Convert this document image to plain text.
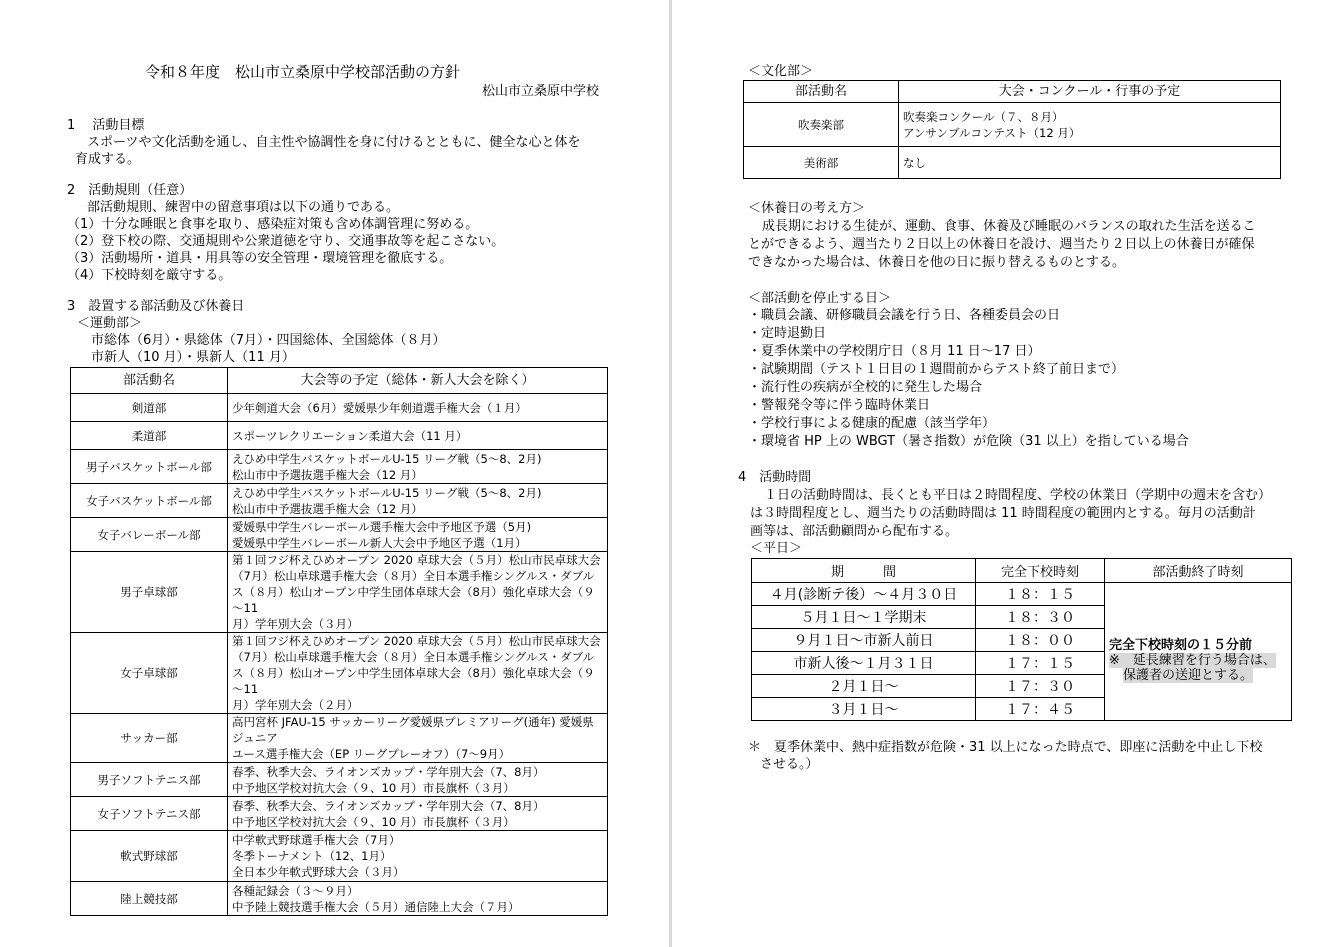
令和８年度　松山市立桑原中学校部活動の方針
松山市立桑原中学校
1　 活動目標
スポーツや文化活動を通し、自主性や協調性を身に付けるとともに、健全な心と体を
育成する。
2　活動規則（任意）
部活動規則、練習中の留意事項は以下の通りである。
（1）十分な睡眠と食事を取り、感染症対策も含め体調管理に努める。
（2）登下校の際、交通規則や公衆道徳を守り、交通事故等を起こさない。
（3）活動場所・道具・用具等の安全管理・環境管理を徹底する。
（4）下校時刻を厳守する。
3　設置する部活動及び休養日
＜運動部＞
市総体（6月）・県総体（7月）・四国総体、全国総体（８月）
市新人（10 月）・県新人（11 月）
部活動名	大会等の予定（総体・新人大会を除く）
剣道部	少年剣道大会（6月）愛媛県少年剣道選手権大会（１月）

柔道部	スポーツレクリエーション柔道大会（11 月）

男子バスケットボール部	えひめ中学生バスケットボールU-15 リーグ戦（5～8、2月)
松山市中予選抜選手権大会（12 月）

女子バスケットボール部	えひめ中学生バスケットボールU-15 リーグ戦（5～8、2月)
松山市中予選抜選手権大会（12 月）

女子バレーボール部	愛媛県中学生バレーボール選手権大会中予地区予選（5月)
愛媛県中学生バレーボール新人大会中予地区予選（1月）

男子卓球部	第１回フジ杯えひめオープン 2020 卓球大会（５月）松山市民卓球大会
（7月）松山卓球選手権大会（８月）全日本選手権シングルス・ダブル
ス（８月）松山オープン中学生団体卓球大会（8月）強化卓球大会（９～11
月）学年別大会（３月）

女子卓球部	第１回フジ杯えひめオープン 2020 卓球大会（５月）松山市民卓球大会
（7月）松山卓球選手権大会（８月）全日本選手権シングルス・ダブル
ス（８月）松山オープン中学生団体卓球大会（8月）強化卓球大会（９～11
月）学年別大会（２月）

サッカー部	高円宮杯 JFAU-15 サッカーリーグ愛媛県プレミアリーグ(通年) 愛媛県ジュニア
ユース選手権大会（EP リーグプレーオフ）（7～9月）

男子ソフトテニス部	春季、秋季大会、ライオンズカップ・学年別大会（7、8月）
中予地区学校対抗大会（９、10 月）市長旗杯（３月）

女子ソフトテニス部	春季、秋季大会、ライオンズカップ・学年別大会（7、8月）
中予地区学校対抗大会（９、10 月）市長旗杯（３月）

軟式野球部	中学軟式野球選手権大会（7月）
冬季トーナメント（12、1月）
全日本少年軟式野球大会（３月）

陸上競技部	各種記録会（３～９月）
中予陸上競技選手権大会（５月）通信陸上大会（７月）
＜文化部＞
部活動名	大会・コンクール・行事の予定
吹奏楽部	吹奏楽コンクール（７、８月）
アンサンブルコンテスト（12 月）

美術部	なし
＜休養日の考え方＞
成長期における生徒が、運動、食事、休養及び睡眠のバランスの取れた生活を送るこ
とができるよう、週当たり２日以上の休養日を設け、週当たり２日以上の休養日が確保
できなかった場合は、休養日を他の日に振り替えるものとする。
＜部活動を停止する日＞
・職員会議、研修職員会議を行う日、各種委員会の日
・定時退勤日
・夏季休業中の学校閉庁日（８月 11 日～17 日）
・試験期間（テスト１日目の１週間前からテスト終了前日まで）
・流行性の疾病が全校的に発生した場合
・警報発令等に伴う臨時休業日
・学校行事による健康的配慮（該当学年）
・環境省 HP 上の WBGT（暑さ指数）が危険（31 以上）を指している場合
4　活動時間
１日の活動時間は、長くとも平日は２時間程度、学校の休業日（学期中の週末を含む）
は３時間程度とし、週当たりの活動時間は 11 時間程度の範囲内とする。毎月の活動計
画等は、部活動顧問から配布する。
＜平日＞
期　　　間	完全下校時刻	部活動終了時刻
４月(診断テ後）～４月３０日	１８：１５	完全下校時刻の１５分前
※　延長練習を行う場合は、
保護者の送迎とする。

５月１日～１学期末	１８：３０	
９月１日～市新人前日	１８：００	
市新人後～１月３１日	１７：１５	
２月１日～	１７：３０	
３月１日～	１７：４５	
＊　夏季休業中、熱中症指数が危険・31 以上になった時点で、即座に活動を中止し下校
させる。）
